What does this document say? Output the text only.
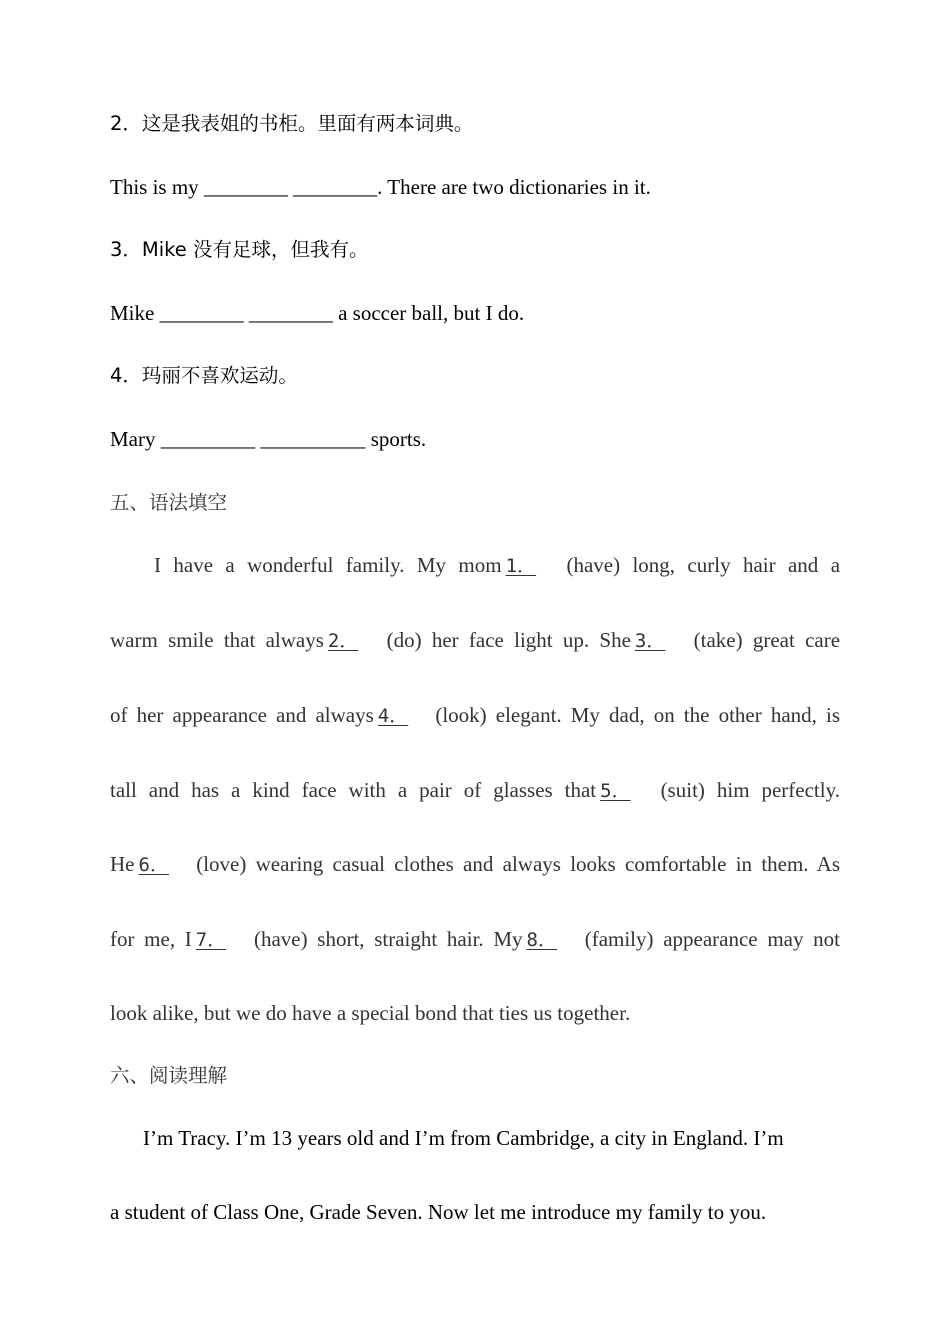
2．这是我表姐的书柜。里面有两本词典。
This is my ________ ________. There are two dictionaries in it.
3．Mike 没有足球，但我有。
Mike ________ ________ a soccer ball, but I do.
4．玛丽不喜欢运动。
Mary _________ __________ sports.
五、语法填空
I have a wonderful family. My mom 1． (have) long, curly hair and a
warm smile that always 2． (do) her face light up. She 3． (take) great care
of her appearance and always 4． (look) elegant. My dad, on the other hand, is
tall and has a kind face with a pair of glasses that 5． (suit) him perfectly.
He 6． (love) wearing casual clothes and always looks comfortable in them. As
for me, I 7． (have) short, straight hair. My 8． (family) appearance may not
look alike, but we do have a special bond that ties us together.
六、阅读理解
I’m Tracy. I’m 13 years old and I’m from Cambridge, a city in England. I’m
a student of Class One, Grade Seven. Now let me introduce my family to you.
